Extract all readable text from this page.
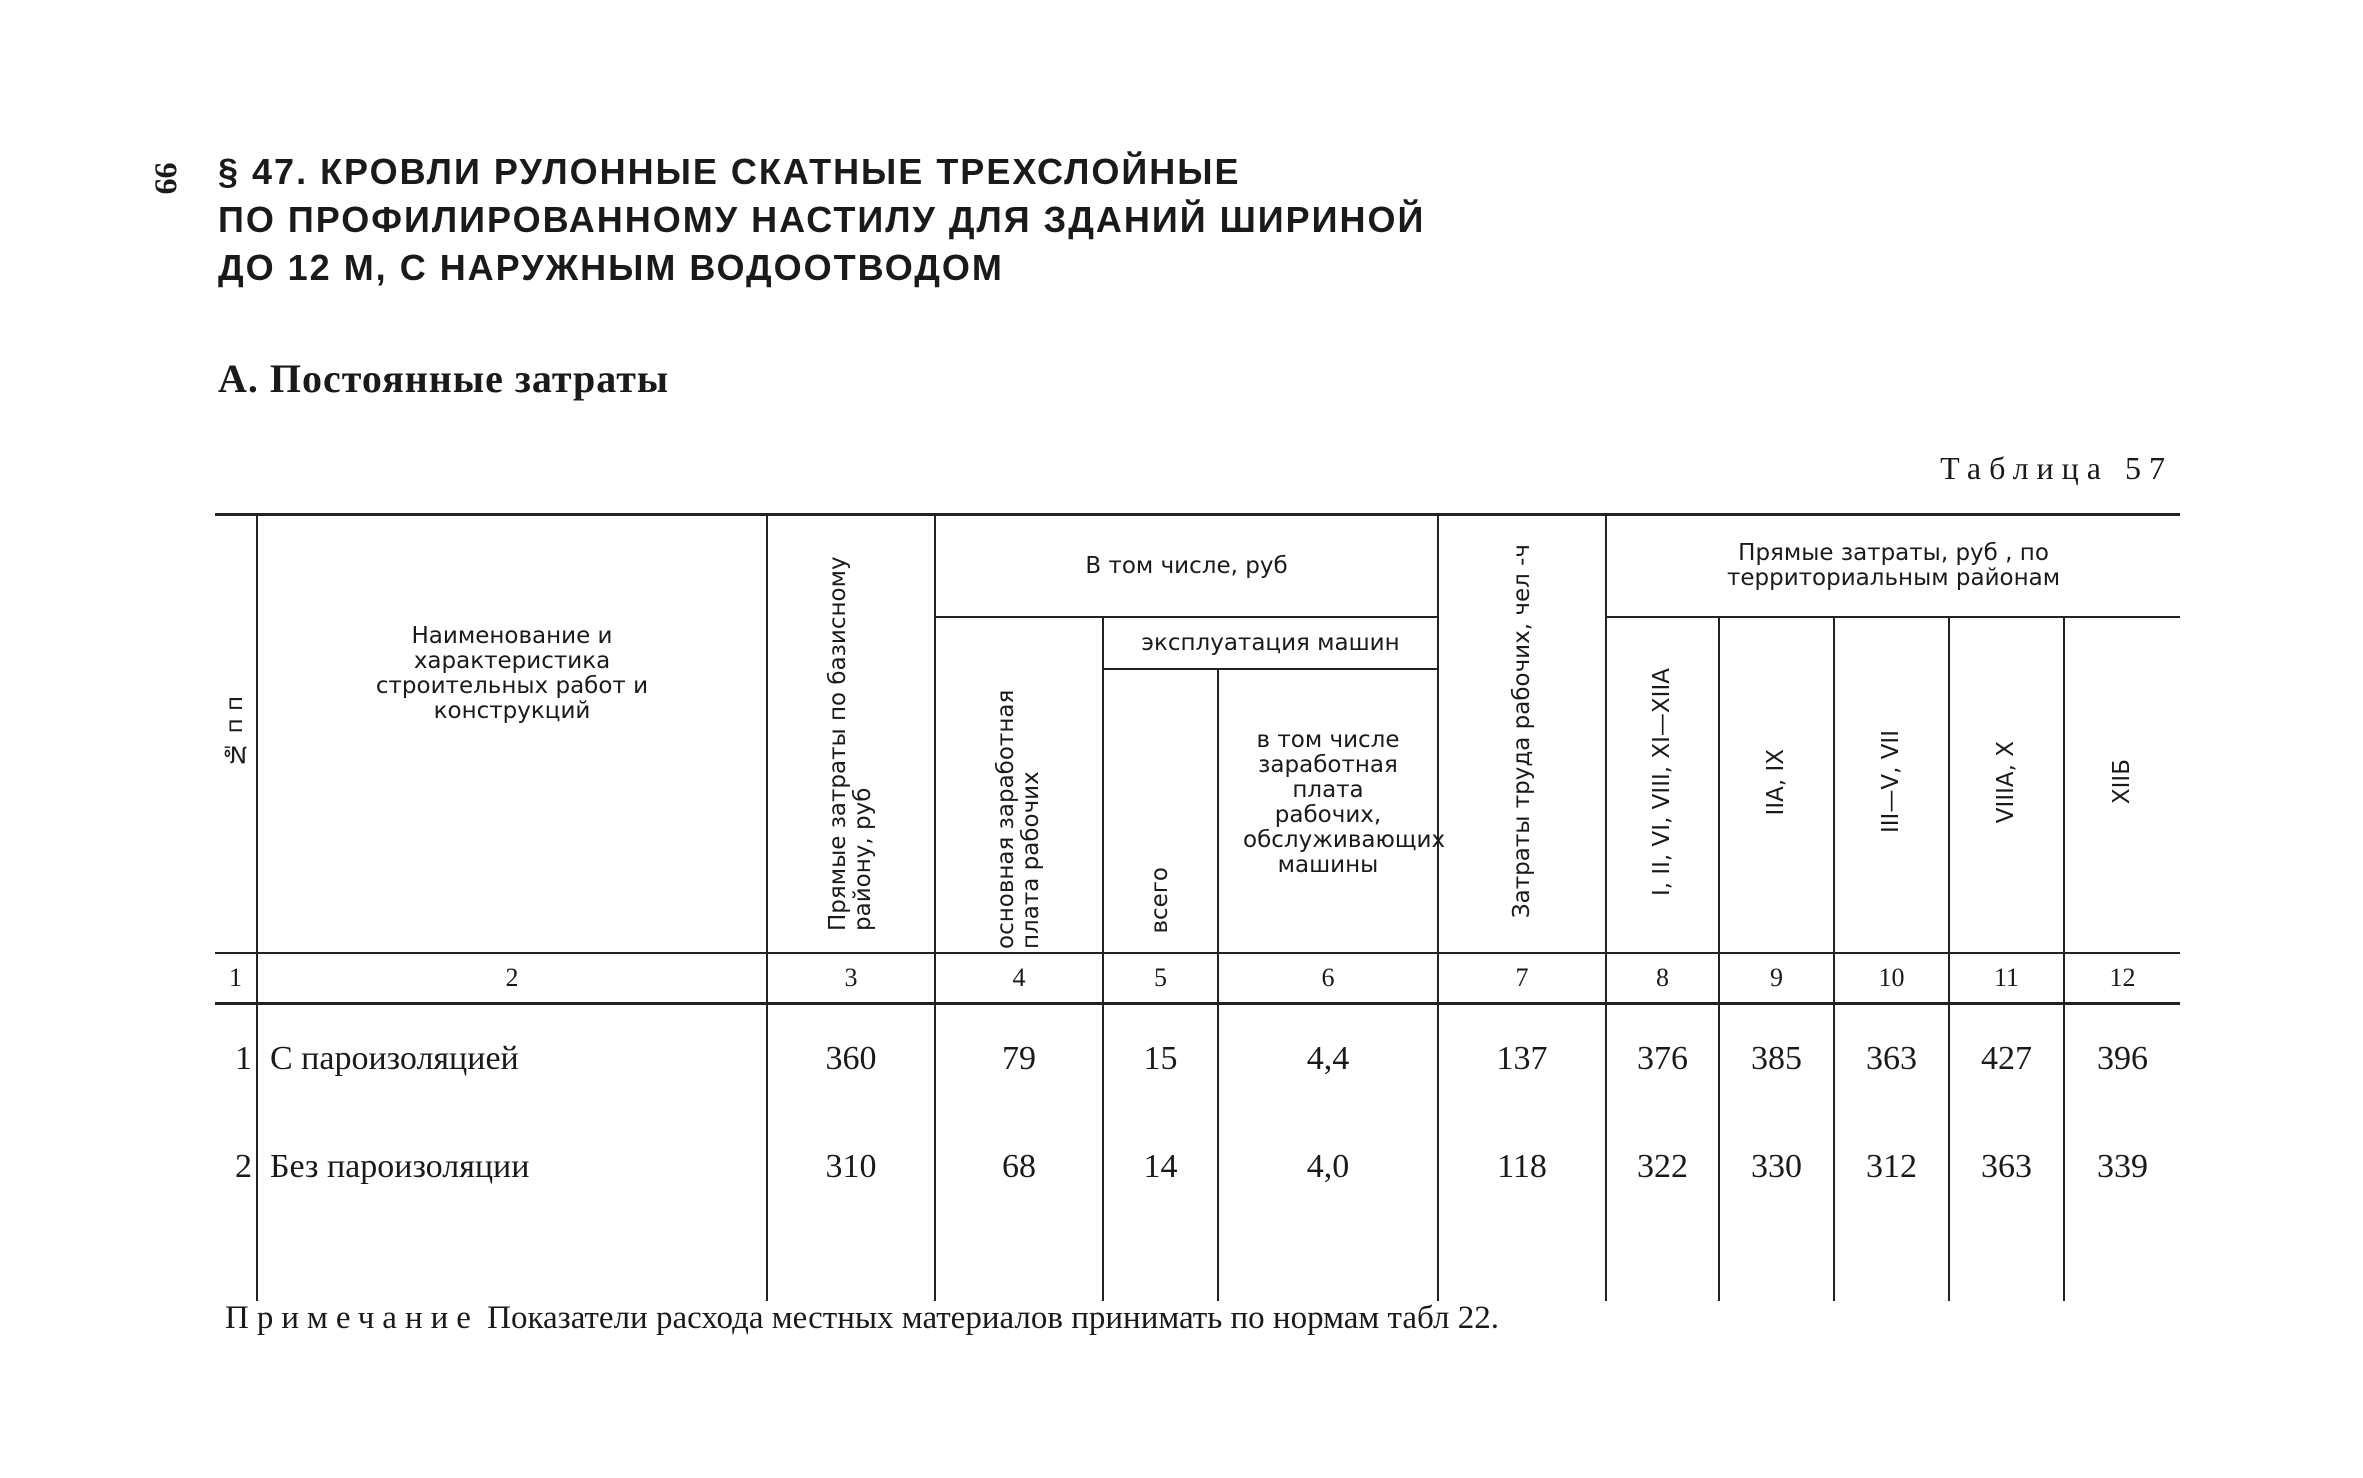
99 § 47. КРОВЛИ РУЛОННЫЕ СКАТНЫЕ ТРЕХСЛОЙНЫЕ
ПО ПРОФИЛИРОВАННОМУ НАСТИЛУ ДЛЯ ЗДАНИЙ ШИРИНОЙ
ДО 12 М, С НАРУЖНЫМ ВОДООТВОДОМ
А. Постоянные затраты
Таблица 57
№ п п	Наименование и характеристика строительных работ и конструкций	Прямые затраты по базисному району, руб	В том числе, руб			Затраты труда рабочих, чел -ч	Прямые затраты, руб , по территориальным районам				
			основная заработная плата рабочих	эксплуатация машин			I, II, VI, VIII, XI—XIIА	IIА, IX	III—V, VII	VIIIА, X	XIIБ
				всего	в том числе заработная плата рабочих, обслуживающих машины						
1	2	3	4	5	6	7	8	9	10	11	12
1	С пароизоляцией	360	79	15	4,4	137	376	385	363	427	396
2	Без пароизоляции	310	68	14	4,0	118	322	330	312	363	339

Примечание Показатели расхода местных материалов принимать по нормам табл 22.
